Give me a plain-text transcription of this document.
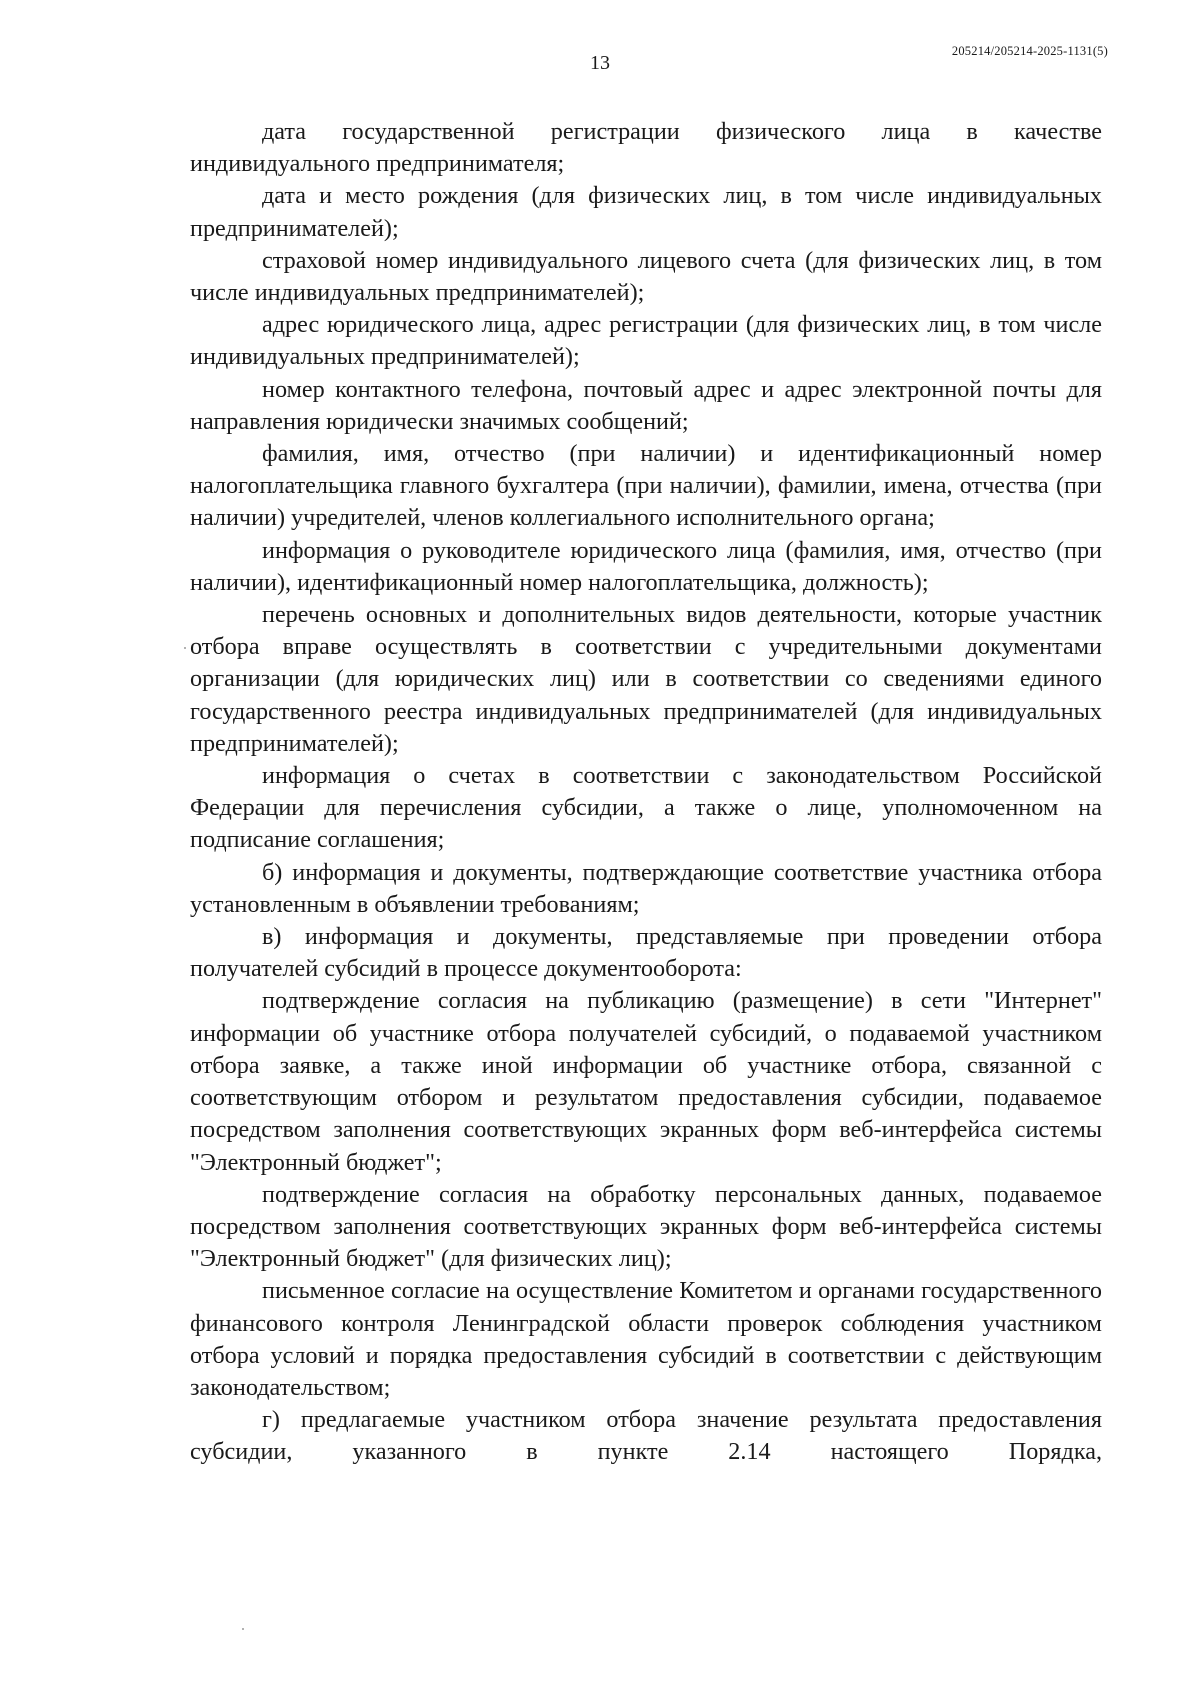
13
205214/205214-2025-1131(5)

дата государственной регистрации физического лица в качестве индивидуального предпринимателя;

дата и место рождения (для физических лиц, в том числе индивидуальных предпринимателей);

страховой номер индивидуального лицевого счета (для физических лиц, в том числе индивидуальных предпринимателей);

адрес юридического лица, адрес регистрации (для физических лиц, в том числе индивидуальных предпринимателей);

номер контактного телефона, почтовый адрес и адрес электронной почты для направления юридически значимых сообщений;

фамилия, имя, отчество (при наличии) и идентификационный номер налогоплательщика главного бухгалтера (при наличии), фамилии, имена, отчества (при наличии) учредителей, членов коллегиального исполнительного органа;

информация о руководителе юридического лица (фамилия, имя, отчество (при наличии), идентификационный номер налогоплательщика, должность);

перечень основных и дополнительных видов деятельности, которые участник отбора вправе осуществлять в соответствии с учредительными документами организации (для юридических лиц) или в соответствии со сведениями единого государственного реестра индивидуальных предпринимателей (для индивидуальных предпринимателей);

информация о счетах в соответствии с законодательством Российской Федерации для перечисления субсидии, а также о лице, уполномоченном на подписание соглашения;

б) информация и документы, подтверждающие соответствие участника отбора установленным в объявлении требованиям;

в) информация и документы, представляемые при проведении отбора получателей субсидий в процессе документооборота:

подтверждение согласия на публикацию (размещение) в сети "Интернет" информации об участнике отбора получателей субсидий, о подаваемой участником отбора заявке, а также иной информации об участнике отбора, связанной с соответствующим отбором и результатом предоставления субсидии, подаваемое посредством заполнения соответствующих экранных форм веб-интерфейса системы "Электронный бюджет";

подтверждение согласия на обработку персональных данных, подаваемое посредством заполнения соответствующих экранных форм веб-интерфейса системы "Электронный бюджет" (для физических лиц);

письменное согласие на осуществление Комитетом и органами государственного финансового контроля Ленинградской области проверок соблюдения участником отбора условий и порядка предоставления субсидий в соответствии с действующим законодательством;

г) предлагаемые участником отбора значение результата предоставления субсидии, указанного в пункте 2.14 настоящего Порядка,
